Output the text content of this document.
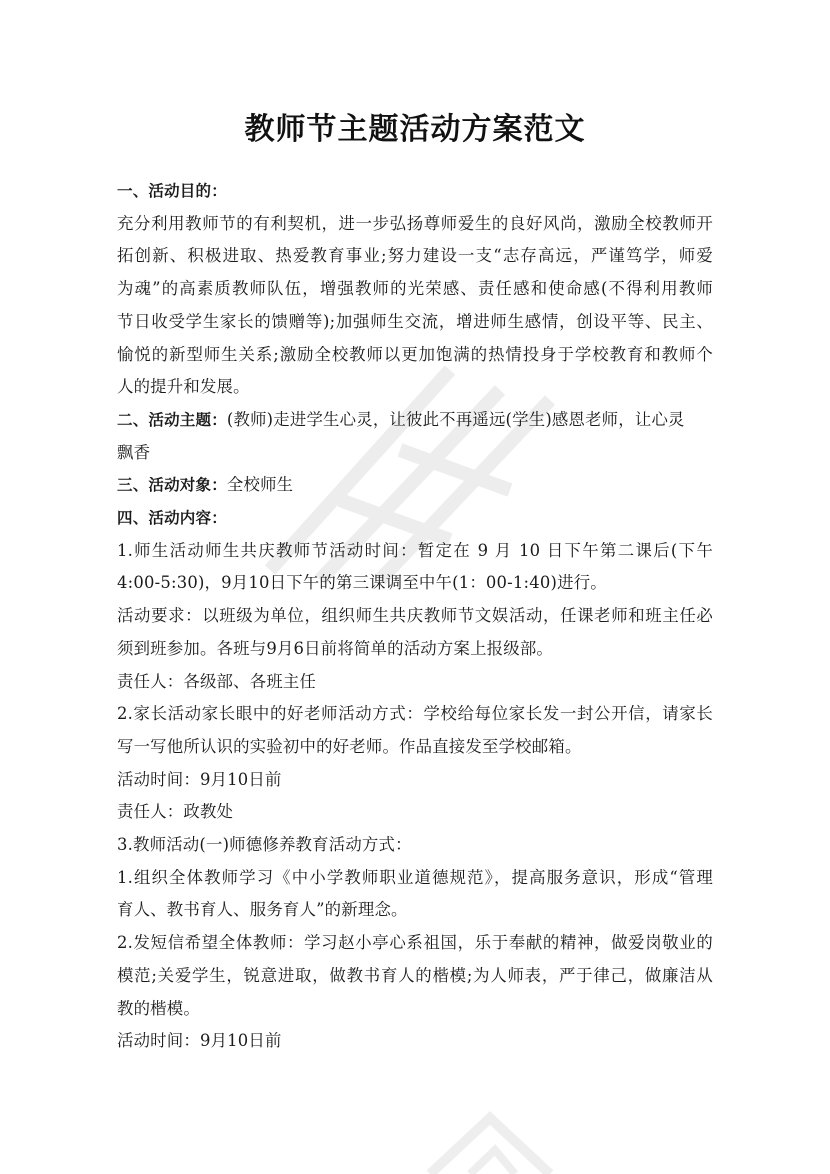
教师节主题活动方案范文
一、活动目的：
充分利用教师节的有利契机，进一步弘扬尊师爱生的良好风尚，激励全校教师开
拓创新、积极进取、热爱教育事业;努力建设一支“志存高远，严谨笃学，师爱
为魂”的高素质教师队伍，增强教师的光荣感、责任感和使命感(不得利用教师
节日收受学生家长的馈赠等);加强师生交流，增进师生感情，创设平等、民主、
愉悦的新型师生关系;激励全校教师以更加饱满的热情投身于学校教育和教师个
人的提升和发展。
二、活动主题：(教师)走进学生心灵，让彼此不再遥远(学生)感恩老师，让心灵
飘香
三、活动对象：全校师生
四、活动内容：
1.师生活动师生共庆教师节活动时间：暂定在 9 月 10 日下午第二课后(下午
4:00-5:30)，9月10日下午的第三课调至中午(1：00-1:40)进行。
活动要求：以班级为单位，组织师生共庆教师节文娱活动，任课老师和班主任必
须到班参加。各班与9月6日前将简单的活动方案上报级部。
责任人：各级部、各班主任
2.家长活动家长眼中的好老师活动方式：学校给每位家长发一封公开信，请家长
写一写他所认识的实验初中的好老师。作品直接发至学校邮箱。
活动时间：9月10日前
责任人：政教处
3.教师活动(一)师德修养教育活动方式：
1.组织全体教师学习《中小学教师职业道德规范》，提高服务意识，形成“管理
育人、教书育人、服务育人”的新理念。
2.发短信希望全体教师：学习赵小亭心系祖国，乐于奉献的精神，做爱岗敬业的
模范;关爱学生，锐意进取，做教书育人的楷模;为人师表，严于律己，做廉洁从
教的楷模。
活动时间：9月10日前
